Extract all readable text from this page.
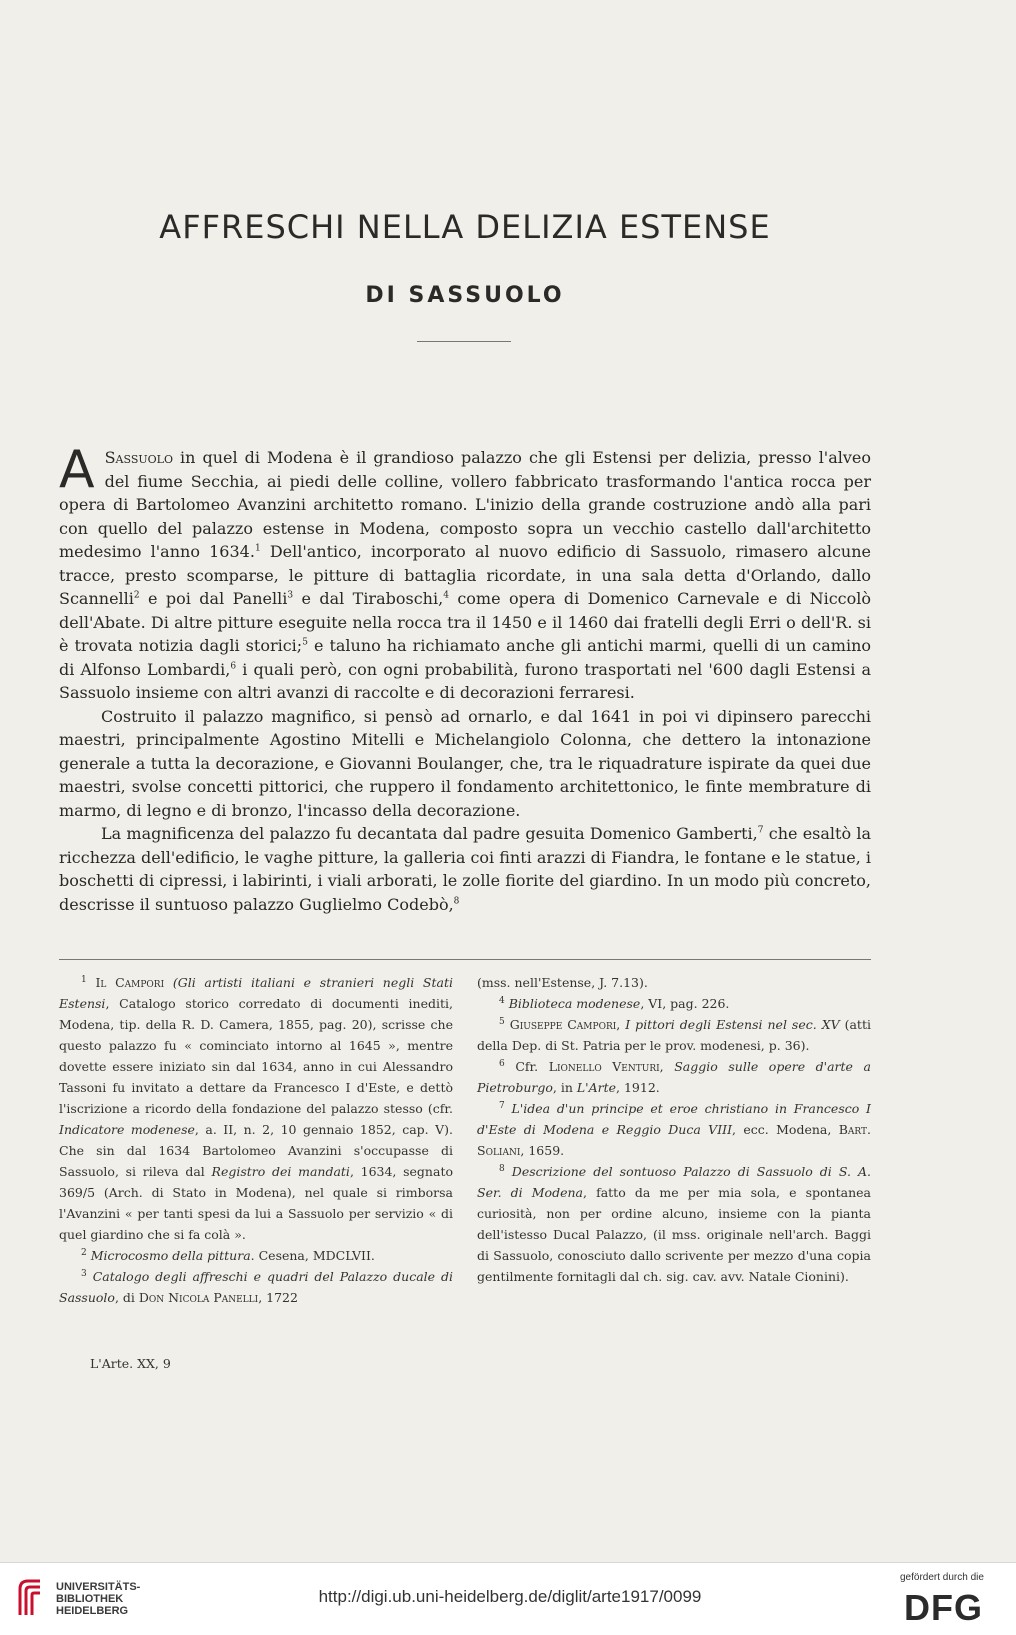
AFFRESCHI NELLA DELIZIA ESTENSE
DI SASSUOLO

A Sassuolo in quel di Modena è il grandioso palazzo che gli Estensi per delizia, presso l'alveo del fiume Secchia, ai piedi delle colline, vollero fabbricato trasformando l'antica rocca per opera di Bartolomeo Avanzini architetto romano. L'inizio della grande costruzione andò alla pari con quello del palazzo estense in Modena, composto sopra un vecchio castello dall'architetto medesimo l'anno 1634.$^1$ Dell'antico, incorporato al nuovo edificio di Sassuolo, rimasero alcune tracce, presto scomparse, le pitture di battaglia ricordate, in una sala detta d'Orlando, dallo Scannelli$^2$ e poi dal Panelli$^3$ e dal Tiraboschi,$^4$ come opera di Domenico Carnevale e di Niccolò dell'Abate. Di altre pitture eseguite nella rocca tra il 1450 e il 1460 dai fratelli degli Erri o dell'R. si è trovata notizia dagli storici;$^5$ e taluno ha richiamato anche gli antichi marmi, quelli di un camino di Alfonso Lombardi,$^6$ i quali però, con ogni probabilità, furono trasportati nel '600 dagli Estensi a Sassuolo insieme con altri avanzi di raccolte e di decorazioni ferraresi.

Costruito il palazzo magnifico, si pensò ad ornarlo, e dal 1641 in poi vi dipinsero parecchi maestri, principalmente Agostino Mitelli e Michelangiolo Colonna, che dettero la intonazione generale a tutta la decorazione, e Giovanni Boulanger, che, tra le riquadrature ispirate da quei due maestri, svolse concetti pittorici, che ruppero il fondamento architettonico, le finte membrature di marmo, di legno e di bronzo, l'incasso della decorazione.

La magnificenza del palazzo fu decantata dal padre gesuita Domenico Gamberti,$^7$ che esaltò la ricchezza dell'edificio, le vaghe pitture, la galleria coi finti arazzi di Fiandra, le fontane e le statue, i boschetti di cipressi, i labirinti, i viali arborati, le zolle fiorite del giardino. In un modo più concreto, descrisse il suntuoso palazzo Guglielmo Codebò,$^8$

$^1$ Il Campori (Gli artisti italiani e stranieri negli Stati Estensi, Catalogo storico corredato di documenti inediti, Modena, tip. della R. D. Camera, 1855, pag. 20), scrisse che questo palazzo fu « cominciato intorno al 1645 », mentre dovette essere iniziato sin dal 1634, anno in cui Alessandro Tassoni fu invitato a dettare da Francesco I d'Este, e dettò l'iscrizione a ricordo della fondazione del palazzo stesso (cfr. Indicatore modenese, a. II, n. 2, 10 gennaio 1852, cap. V). Che sin dal 1634 Bartolomeo Avanzini s'occupasse di Sassuolo, si rileva dal Registro dei mandati, 1634, segnato 369/5 (Arch. di Stato in Modena), nel quale si rimborsa l'Avanzini « per tanti spesi da lui a Sassuolo per servizio « di quel giardino che si fa colà ».

$^2$ Microcosmo della pittura. Cesena, MDCLVII.

$^3$ Catalogo degli affreschi e quadri del Palazzo ducale di Sassuolo, di Don Nicola Panelli, 1722

(mss. nell'Estense, J. 7.13).

$^4$ Biblioteca modenese, VI, pag. 226.

$^5$ Giuseppe Campori, I pittori degli Estensi nel sec. XV (atti della Dep. di St. Patria per le prov. modenesi, p. 36).

$^6$ Cfr. Lionello Venturi, Saggio sulle opere d'arte a Pietroburgo, in L'Arte, 1912.

$^7$ L'idea d'un principe et eroe christiano in Francesco I d'Este di Modena e Reggio Duca VIII, ecc. Modena, Bart. Soliani, 1659.

$^8$ Descrizione del sontuoso Palazzo di Sassuolo di S. A. Ser. di Modena, fatto da me per mia sola, e spontanea curiosità, non per ordine alcuno, insieme con la pianta dell'istesso Ducal Palazzo, (il mss. originale nell'arch. Baggi di Sassuolo, conosciuto dallo scrivente per mezzo d'una copia gentilmente fornitagli dal ch. sig. cav. avv. Natale Cionini).

L'Arte. XX, 9
UNIVERSITÄTS-
BIBLIOTHEK
HEIDELBERG
http://digi.ub.uni-heidelberg.de/diglit/arte1917/0099
gefördert durch die
DFG
